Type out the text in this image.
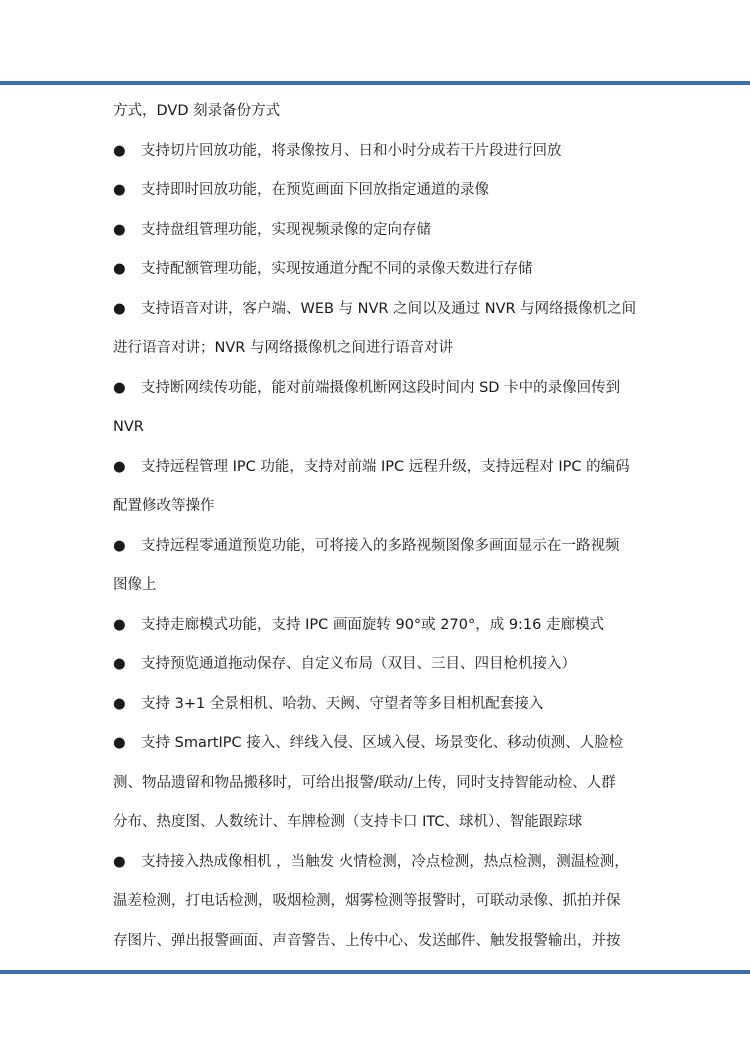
方式，DVD 刻录备份方式
● 支持切片回放功能，将录像按月、日和小时分成若干片段进行回放
● 支持即时回放功能，在预览画面下回放指定通道的录像
● 支持盘组管理功能，实现视频录像的定向存储
● 支持配额管理功能，实现按通道分配不同的录像天数进行存储
● 支持语音对讲，客户端、WEB 与 NVR 之间以及通过 NVR 与网络摄像机之间
进行语音对讲；NVR 与网络摄像机之间进行语音对讲
● 支持断网续传功能，能对前端摄像机断网这段时间内 SD 卡中的录像回传到
NVR
● 支持远程管理 IPC 功能，支持对前端 IPC 远程升级，支持远程对 IPC 的编码
配置修改等操作
● 支持远程零通道预览功能，可将接入的多路视频图像多画面显示在一路视频
图像上
● 支持走廊模式功能，支持 IPC 画面旋转 90°或 270°，成 9:16 走廊模式
● 支持预览通道拖动保存、自定义布局（双目、三目、四目枪机接入）
● 支持 3+1 全景相机、哈勃、天阙、守望者等多目相机配套接入
● 支持 SmartIPC 接入、绊线入侵、区域入侵、场景变化、移动侦测、人脸检
测、物品遗留和物品搬移时，可给出报警/联动/上传，同时支持智能动检、人群
分布、热度图、人数统计、车牌检测（支持卡口 ITC、球机）、智能跟踪球
● 支持接入热成像相机 ，当触发 火情检测，冷点检测，热点检测，测温检测，
温差检测，打电话检测，吸烟检测，烟雾检测等报警时，可联动录像、抓拍并保
存图片、弹出报警画面、声音警告、上传中心、发送邮件、触发报警输出，并按
